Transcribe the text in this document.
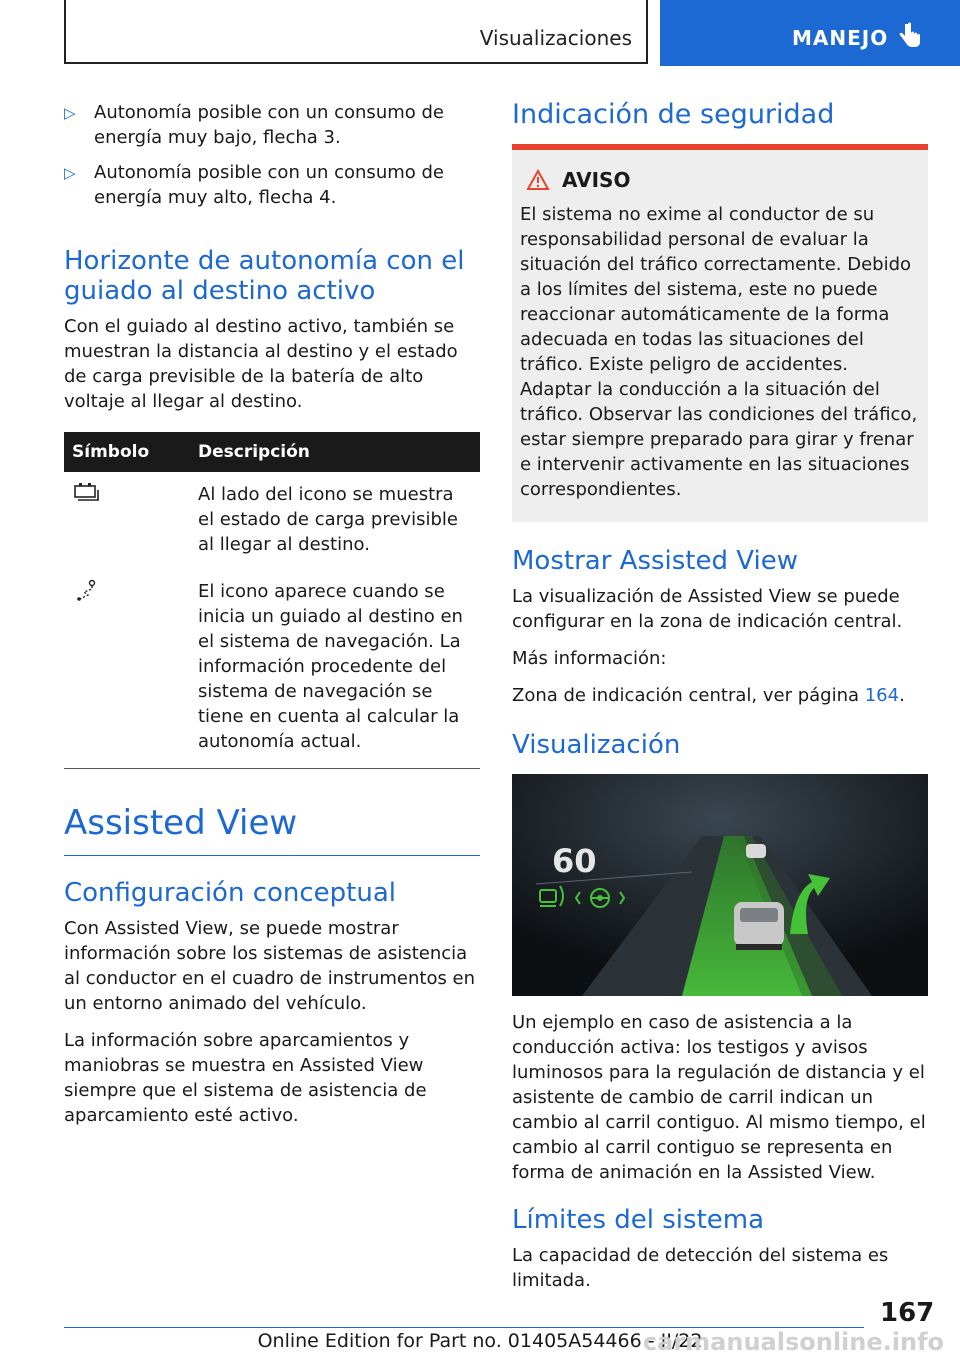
Visualizaciones	MANEJO
▷ Autonomía posible con un consumo de energía muy bajo, flecha 3.
▷ Autonomía posible con un consumo de energía muy alto, flecha 4.
Horizonte de autonomía con el guiado al destino activo

Con el guiado al destino activo, también se muestran la distancia al destino y el estado de carga previsible de la batería de alto voltaje al llegar al destino.

Símbolo	Descripción
	Al lado del icono se muestra el estado de carga previsible al llegar al destino.
	El icono aparece cuando se inicia un guiado al destino en el sistema de navegación. La información procedente del sistema de navegación se tiene en cuenta al calcular la autonomía actual.
Assisted View
Configuración conceptual

Con Assisted View, se puede mostrar información sobre los sistemas de asistencia al conductor en el cuadro de instrumentos en un entorno animado del vehículo.

La información sobre aparcamientos y maniobras se muestra en Assisted View siempre que el sistema de asistencia de aparcamiento esté activo.

Indicación de seguridad
AVISO
El sistema no exime al conductor de su responsabilidad personal de evaluar la situación del tráfico correctamente. Debido a los límites del sistema, este no puede reaccionar automáticamente de la forma adecuada en todas las situaciones del tráfico. Existe peligro de accidentes. Adaptar la conducción a la situación del tráfico. Observar las condiciones del tráfico, estar siempre preparado para girar y frenar e intervenir activamente en las situaciones correspondientes.
Mostrar Assisted View

La visualización de Assisted View se puede configurar en la zona de indicación central.

Más información:

Zona de indicación central, ver página 164.

Visualización
60

Un ejemplo en caso de asistencia a la conducción activa: los testigos y avisos luminosos para la regulación de distancia y el asistente de cambio de carril indican un cambio al carril contiguo. Al mismo tiempo, el cambio al carril contiguo se representa en forma de animación en la Assisted View.

Límites del sistema

La capacidad de detección del sistema es limitada.

167
Online Edition for Part no. 01405A54466 - II/22
carmanualsonline.info
